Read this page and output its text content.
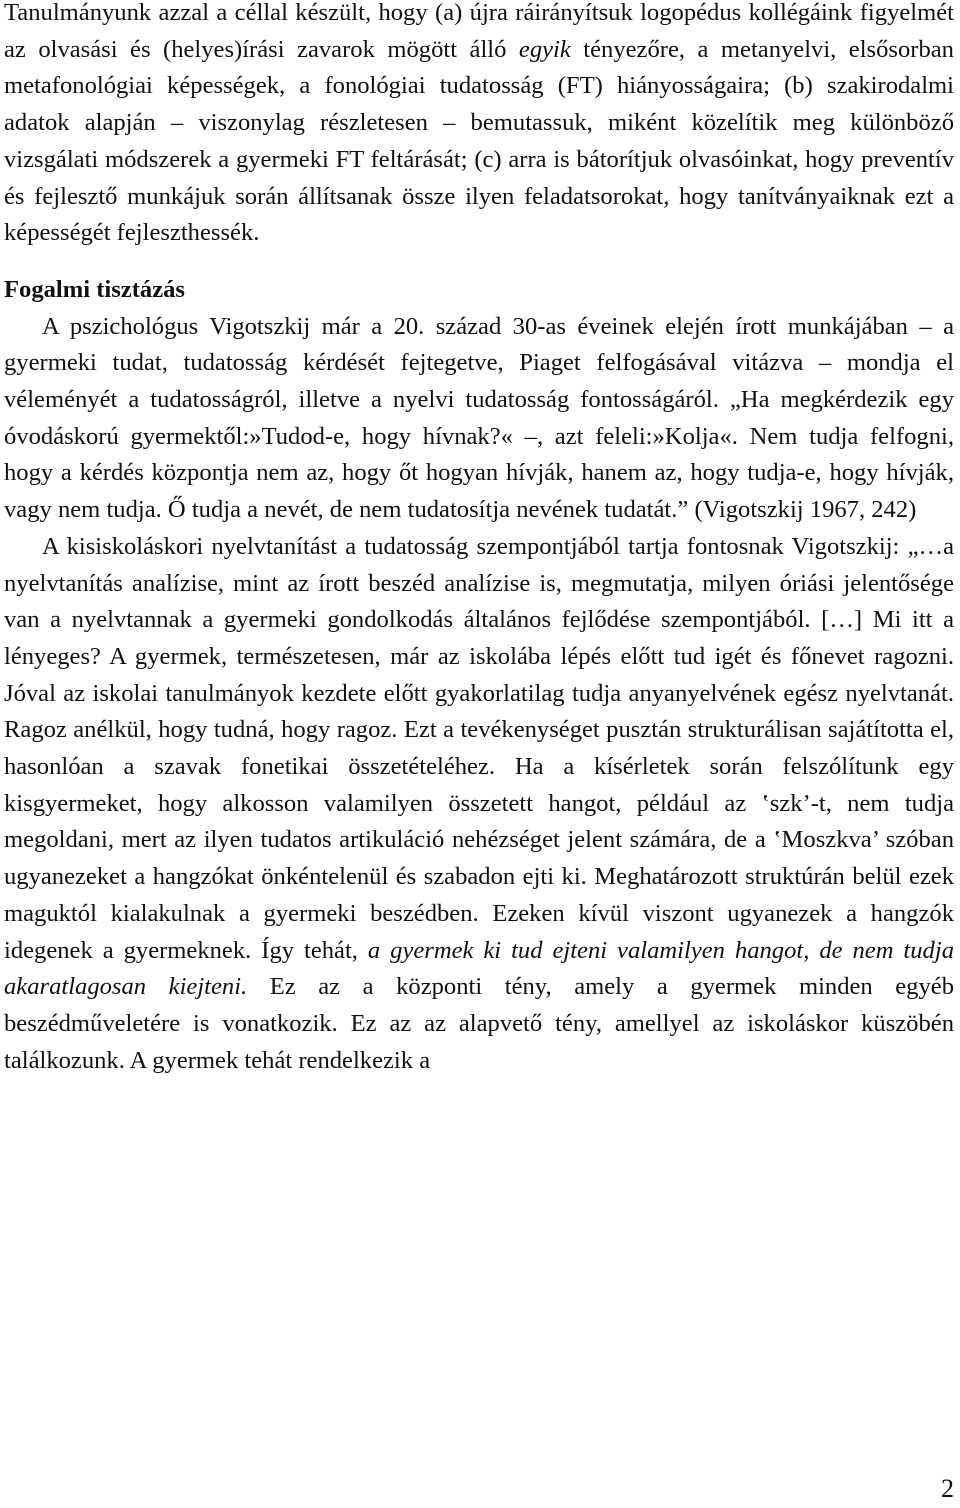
Tanulmányunk azzal a céllal készült, hogy (a) újra ráirányítsuk logopédus kollégáink figyelmét az olvasási és (helyes)írási zavarok mögött álló egyik tényezőre, a metanyelvi, elsősorban metafonológiai képességek, a fonológiai tudatosság (FT) hiányosságaira; (b) szakirodalmi adatok alapján – viszonylag részletesen – bemutassuk, miként közelítik meg különböző vizsgálati módszerek a gyermeki FT feltárását; (c) arra is bátorítjuk olvasóinkat, hogy preventív és fejlesztő munkájuk során állítsanak össze ilyen feladatsorokat, hogy tanítványaiknak ezt a képességét fejleszthessék.

Fogalmi tisztázás

A pszichológus Vigotszkij már a 20. század 30-as éveinek elején írott munkájában – a gyermeki tudat, tudatosság kérdését fejtegetve, Piaget felfogásával vitázva – mondja el véleményét a tudatosságról, illetve a nyelvi tudatosság fontosságáról. „Ha megkérdezik egy óvodáskorú gyermektől:»Tudod-e, hogy hívnak?« –, azt feleli:»Kolja«. Nem tudja felfogni, hogy a kérdés központja nem az, hogy őt hogyan hívják, hanem az, hogy tudja-e, hogy hívják, vagy nem tudja. Ő tudja a nevét, de nem tudatosítja nevének tudatát.” (Vigotszkij 1967, 242)

A kisiskoláskori nyelvtanítást a tudatosság szempontjából tartja fontosnak Vigotszkij: „…a nyelvtanítás analízise, mint az írott beszéd analízise is, megmutatja, milyen óriási jelentősége van a nyelvtannak a gyermeki gondolkodás általános fejlődése szempontjából. […] Mi itt a lényeges? A gyermek, természetesen, már az iskolába lépés előtt tud igét és főnevet ragozni. Jóval az iskolai tanulmányok kezdete előtt gyakorlatilag tudja anyanyelvének egész nyelvtanát. Ragoz anélkül, hogy tudná, hogy ragoz. Ezt a tevékenységet pusztán strukturálisan sajátította el, hasonlóan a szavak fonetikai összetételéhez. Ha a kísérletek során felszólítunk egy kisgyermeket, hogy alkosson valamilyen összetett hangot, például az ‛szk’-t, nem tudja megoldani, mert az ilyen tudatos artikuláció nehézséget jelent számára, de a ‛Moszkva’ szóban ugyanezeket a hangzókat önkéntelenül és szabadon ejti ki. Meghatározott struktúrán belül ezek maguktól kialakulnak a gyermeki beszédben. Ezeken kívül viszont ugyanezek a hangzók idegenek a gyermeknek. Így tehát, a gyermek ki tud ejteni valamilyen hangot, de nem tudja akaratlagosan kiejteni. Ez az a központi tény, amely a gyermek minden egyéb beszédműveletére is vonatkozik. Ez az az alapvető tény, amellyel az iskoláskor küszöbén találkozunk. A gyermek tehát rendelkezik a

2
